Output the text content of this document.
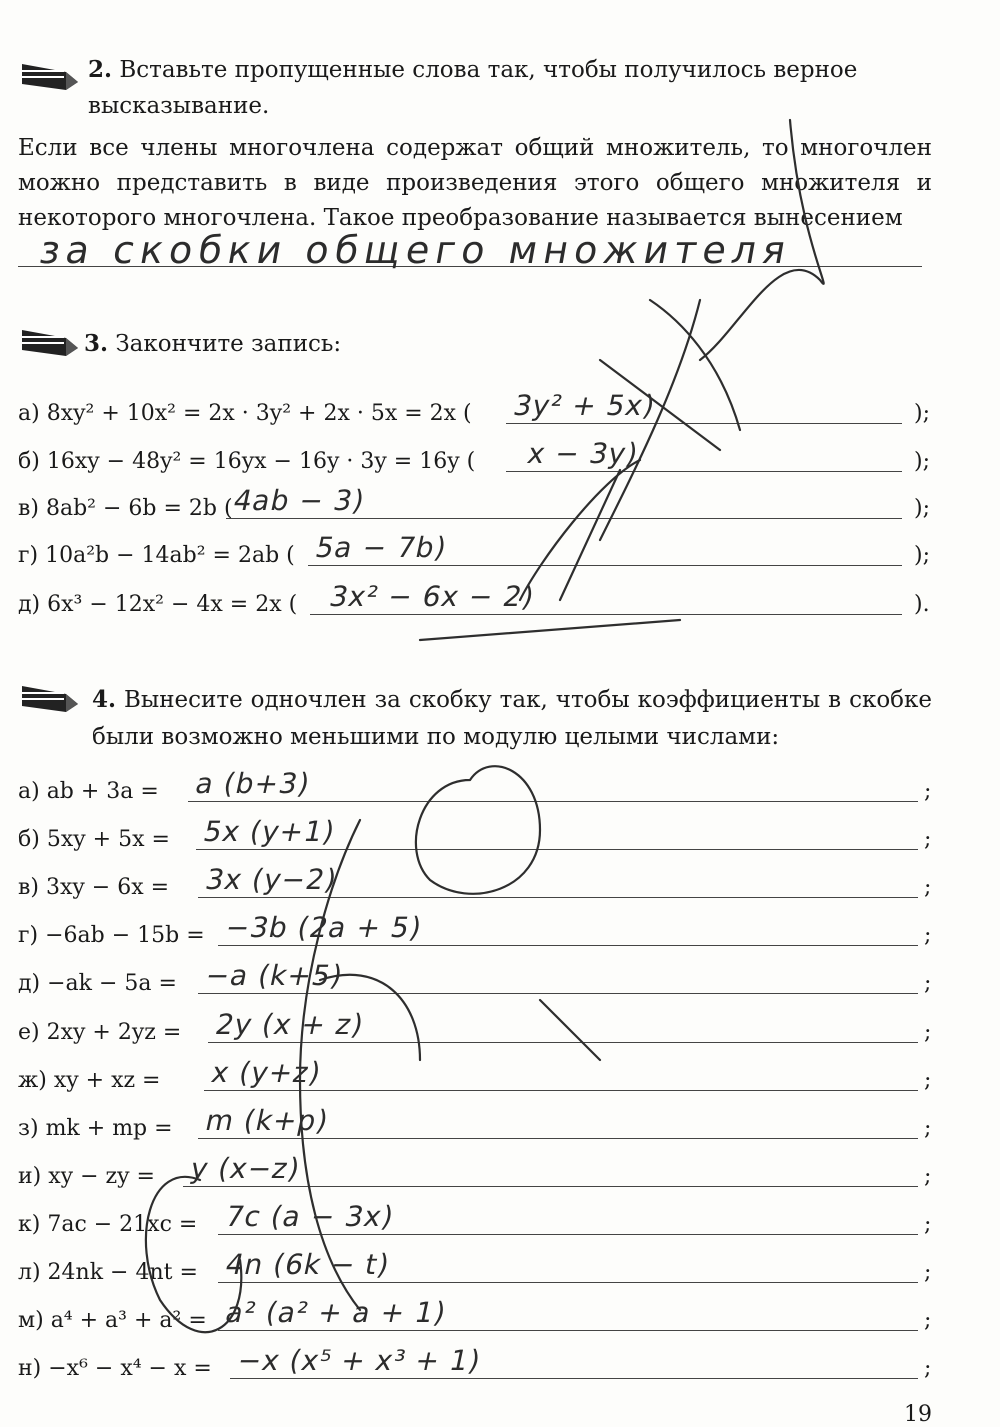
2. Вставьте пропущенные слова так, чтобы получилось верное высказывание.
Если все члены многочлена содержат общий множитель, то многочлен можно представить в виде произведения этого общего множителя и некоторого многочлена. Такое преобразование называется вынесением
за скобки общего множителя
3. Закончите запись:
а) 8xy² + 10x² = 2x · 3y² + 2x · 5x = 2x ( 3y² + 5x)	);
б) 16xy − 48y² = 16yx − 16y · 3y = 16y ( x − 3y)	);
в) 8ab² − 6b = 2b (
4ab − 3)	);
г) 10a²b − 14ab² = 2ab ( 5a − 7b)	);
д) 6x³ − 12x² − 4x = 2x ( 3x² − 6x − 2)	).
4. Вынесите одночлен за скобку так, чтобы коэффициенты в скобке были возможно меньшими по модулю целыми числами:
а) ab + 3a = a (b+3)	;
б) 5xy + 5x = 5x (y+1)	;
в) 3xy − 6x = 3x (y−2)	;
г) −6ab − 15b = −3b (2a + 5)	;
д) −ak − 5a = −a (k+5)	;
е) 2xy + 2yz = 2y (x + z)	;
ж) xy + xz = x (y+z)	;
з) mk + mp = m (k+p)	;
и) xy − zy = y (x−z)	;
к) 7ac − 21xc = 7c (a − 3x)	;
л) 24nk − 4nt = 4n (6k − t)	;
м) a⁴ + a³ + a² = a² (a² + a + 1)	;
н) −x⁶ − x⁴ − x = −x (x⁵ + x³ + 1)	;
19
